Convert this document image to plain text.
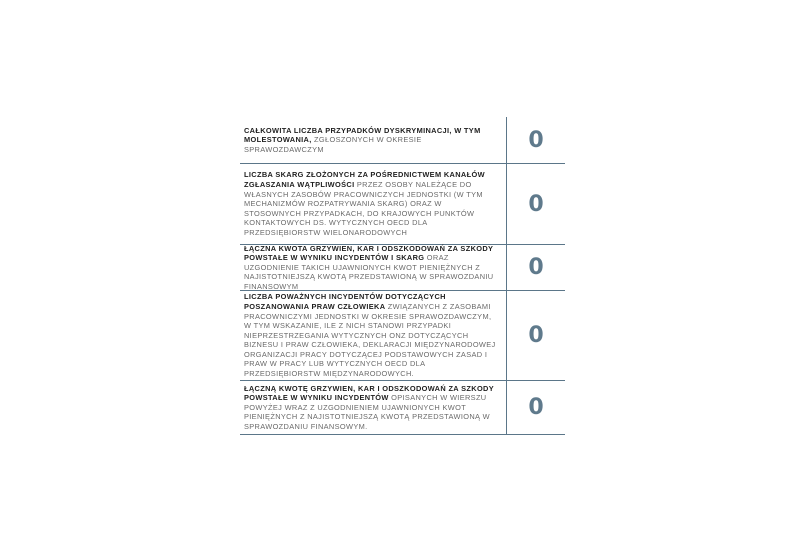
CAŁKOWITA LICZBA PRZYPADKÓW DYSKRYMINACJI, W TYM MOLESTOWANIA, ZGŁOSZONYCH W OKRESIE SPRAWOZDAWCZYM	0
LICZBA SKARG ZŁOŻONYCH ZA POŚREDNICTWEM KANAŁÓW ZGŁASZANIA WĄTPLIWOŚCI PRZEZ OSOBY NALEŻĄCE DO WŁASNYCH ZASOBÓW PRACOWNICZYCH JEDNOSTKI (W TYM MECHANIZMÓW ROZPATRYWANIA SKARG) ORAZ W STOSOWNYCH PRZYPADKACH, DO KRAJOWYCH PUNKTÓW KONTAKTOWYCH DS. WYTYCZNYCH OECD DLA PRZEDSIĘBIORSTW WIELONARODOWYCH
0
ŁĄCZNA KWOTA GRZYWIEN, KAR I ODSZKODOWAŃ ZA SZKODY POWSTAŁE W WYNIKU INCYDENTÓW I SKARG ORAZ UZGODNIENIE TAKICH UJAWNIONYCH KWOT PIENIĘŻNYCH Z NAJISTOTNIEJSZĄ KWOTĄ PRZEDSTAWIONĄ W SPRAWOZDANIU FINANSOWYM
0
LICZBA POWAŻNYCH INCYDENTÓW DOTYCZĄCYCH POSZANOWANIA PRAW CZŁOWIEKA ZWIĄZANYCH Z ZASOBAMI PRACOWNICZYMI JEDNOSTKI W OKRESIE SPRAWOZDAWCZYM, W TYM WSKAZANIE, ILE Z NICH STANOWI PRZYPADKI NIEPRZESTRZEGANIA WYTYCZNYCH ONZ DOTYCZĄCYCH BIZNESU I PRAW CZŁOWIEKA, DEKLARACJI MIĘDZYNARODOWEJ ORGANIZACJI PRACY DOTYCZĄCEJ PODSTAWOWYCH ZASAD I PRAW W PRACY LUB WYTYCZNYCH OECD DLA PRZEDSIĘBIORSTW MIĘDZYNARODOWYCH.
0
ŁĄCZNĄ KWOTĘ GRZYWIEN, KAR I ODSZKODOWAŃ ZA SZKODY POWSTAŁE W WYNIKU INCYDENTÓW OPISANYCH W WIERSZU POWYŻEJ WRAZ Z UZGODNIENIEM UJAWNIONYCH KWOT PIENIĘŻNYCH Z NAJISTOTNIEJSZĄ KWOTĄ PRZEDSTAWIONĄ W SPRAWOZDANIU FINANSOWYM.
0
